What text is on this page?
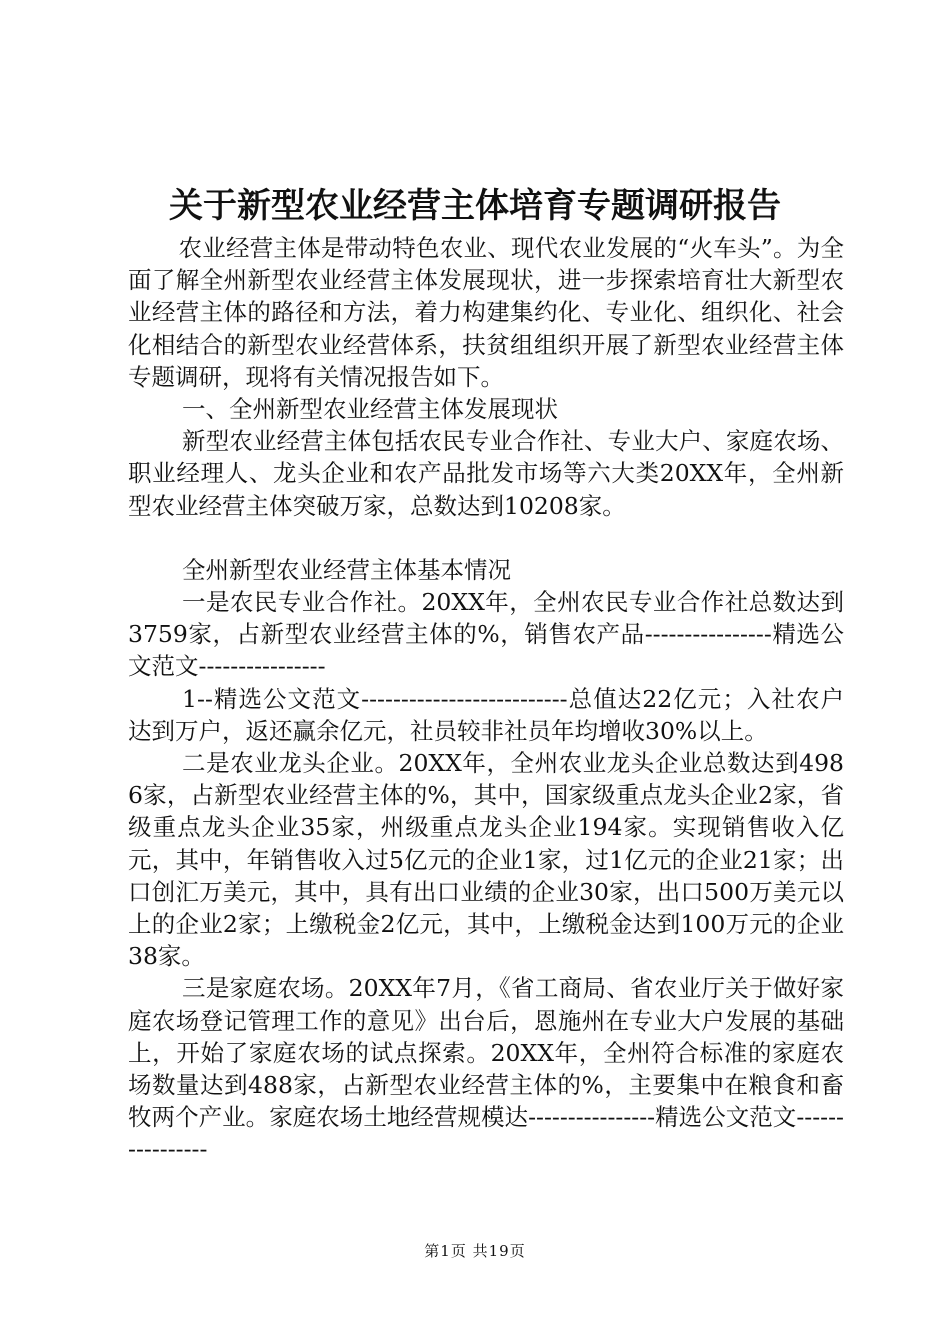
关于新型农业经营主体培育专题调研报告

农业经营主体是带动特色农业、现代农业发展的“火车头”。为全面了解全州新型农业经营主体发展现状，进一步探索培育壮大新型农业经营主体的路径和方法，着力构建集约化、专业化、组织化、社会化相结合的新型农业经营体系，扶贫组组织开展了新型农业经营主体专题调研，现将有关情况报告如下。

一、全州新型农业经营主体发展现状

新型农业经营主体包括农民专业合作社、专业大户、家庭农场、职业经理人、龙头企业和农产品批发市场等六大类20XX年，全州新型农业经营主体突破万家，总数达到10208家。

全州新型农业经营主体基本情况

一是农民专业合作社。20XX年，全州农民专业合作社总数达到3759家，占新型农业经营主体的%，销售农产品----------------精选公文范文----------------

1--精选公文范文--------------------------总值达22亿元；入社农户达到万户，返还赢余亿元，社员较非社员年均增收30%以上。

二是农业龙头企业。20XX年，全州农业龙头企业总数达到4986家，占新型农业经营主体的%，其中，国家级重点龙头企业2家，省级重点龙头企业35家，州级重点龙头企业194家。实现销售收入亿元，其中，年销售收入过5亿元的企业1家，过1亿元的企业21家；出口创汇万美元，其中，具有出口业绩的企业30家，出口500万美元以上的企业2家；上缴税金2亿元，其中，上缴税金达到100万元的企业38家。

三是家庭农场。20XX年7月，《省工商局、省农业厅关于做好家庭农场登记管理工作的意见》出台后，恩施州在专业大户发展的基础上，开始了家庭农场的试点探索。20XX年，全州符合标准的家庭农场数量达到488家，占新型农业经营主体的%，主要集中在粮食和畜牧两个产业。家庭农场土地经营规模达----------------精选公文范文----------------

第1页 共19页
